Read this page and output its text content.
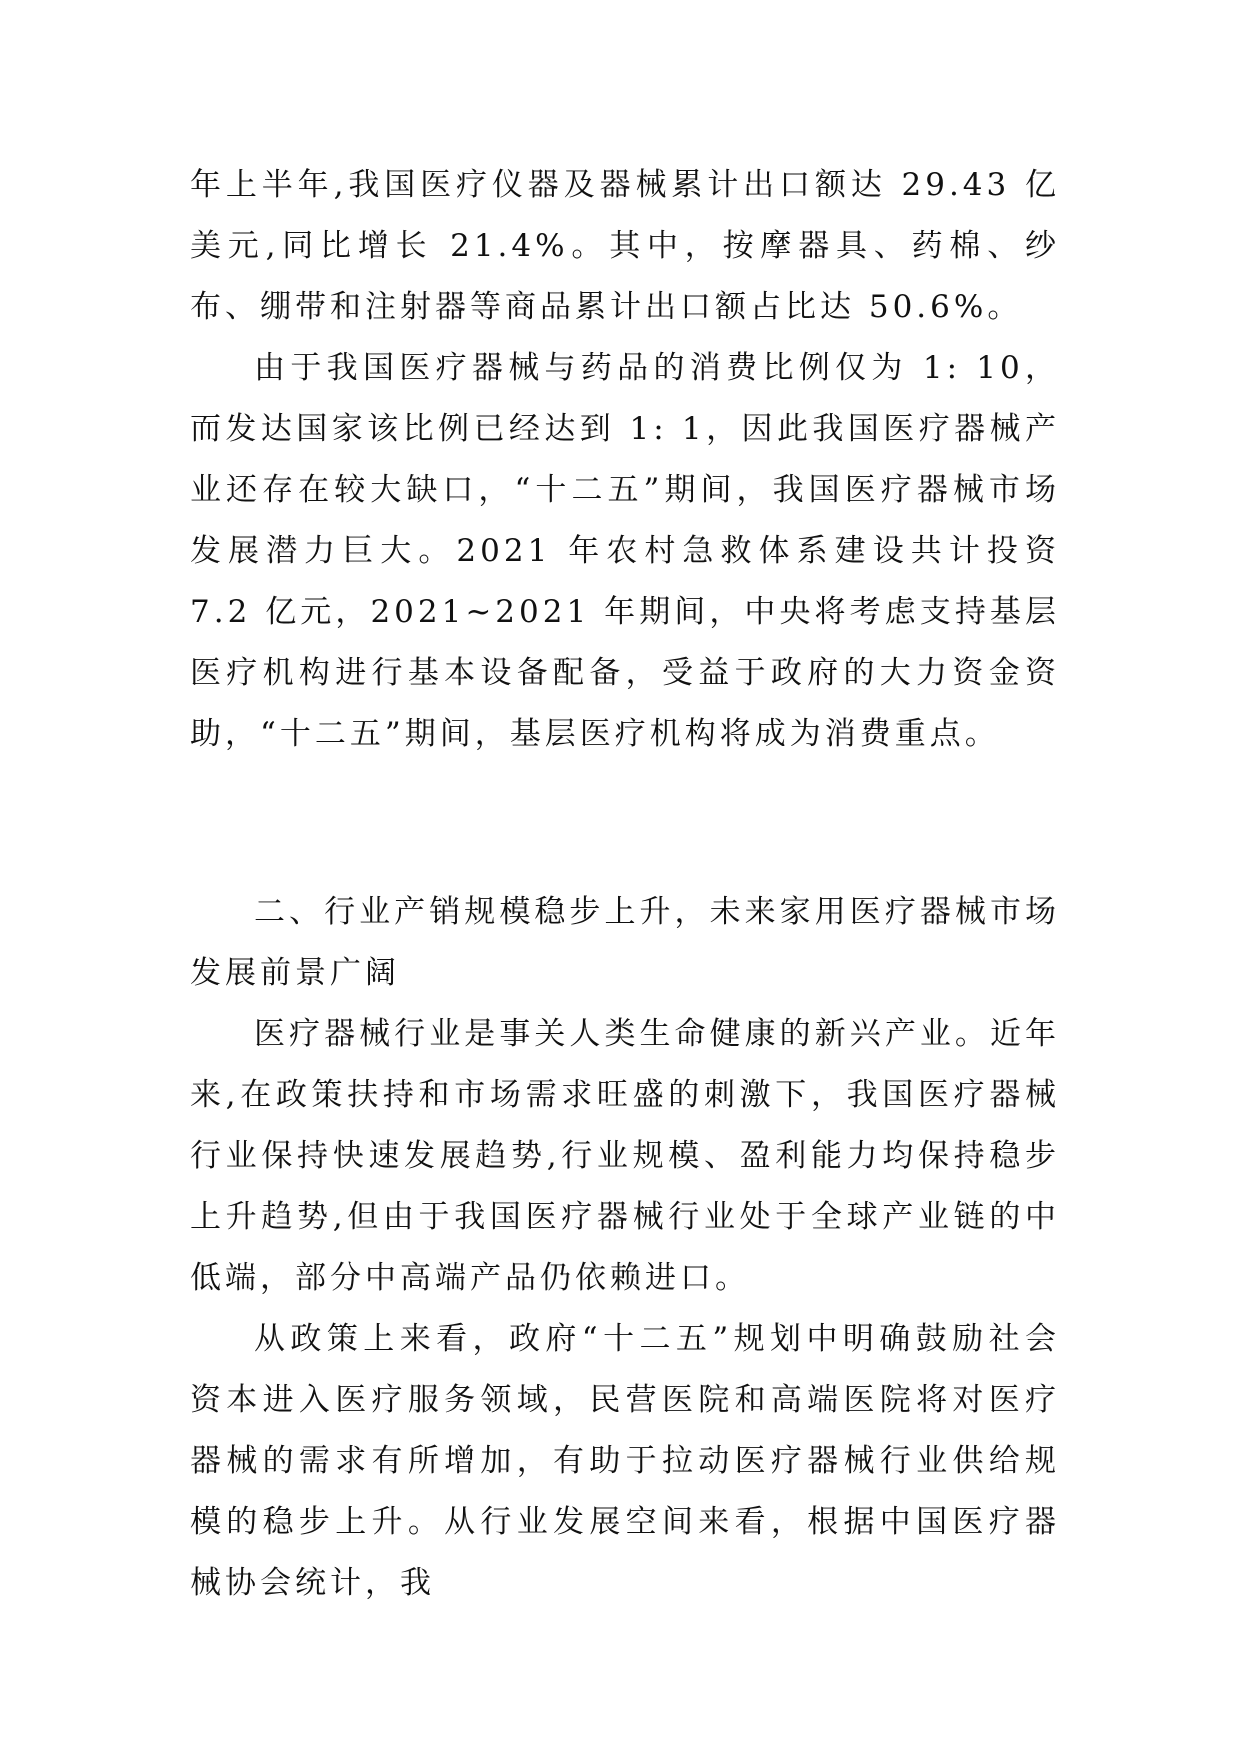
年上半年,我国医疗仪器及器械累计出口额达 29.43 亿美元,同比增长 21.4%。其中，按摩器具、药棉、纱布、绷带和注射器等商品累计出口额占比达 50.6%。

由于我国医疗器械与药品的消费比例仅为 1: 10，而发达国家该比例已经达到 1: 1，因此我国医疗器械产业还存在较大缺口，“十二五”期间，我国医疗器械市场发展潜力巨大。2021 年农村急救体系建设共计投资 7.2 亿元，2021~2021 年期间，中央将考虑支持基层医疗机构进行基本设备配备，受益于政府的大力资金资助，“十二五”期间，基层医疗机构将成为消费重点。

二、行业产销规模稳步上升，未来家用医疗器械市场发展前景广阔

医疗器械行业是事关人类生命健康的新兴产业。近年来,在政策扶持和市场需求旺盛的刺激下，我国医疗器械行业保持快速发展趋势,行业规模、盈利能力均保持稳步上升趋势,但由于我国医疗器械行业处于全球产业链的中低端，部分中高端产品仍依赖进口。

从政策上来看，政府“十二五”规划中明确鼓励社会资本进入医疗服务领域，民营医院和高端医院将对医疗器械的需求有所增加，有助于拉动医疗器械行业供给规模的稳步上升。从行业发展空间来看，根据中国医疗器械协会统计，我
